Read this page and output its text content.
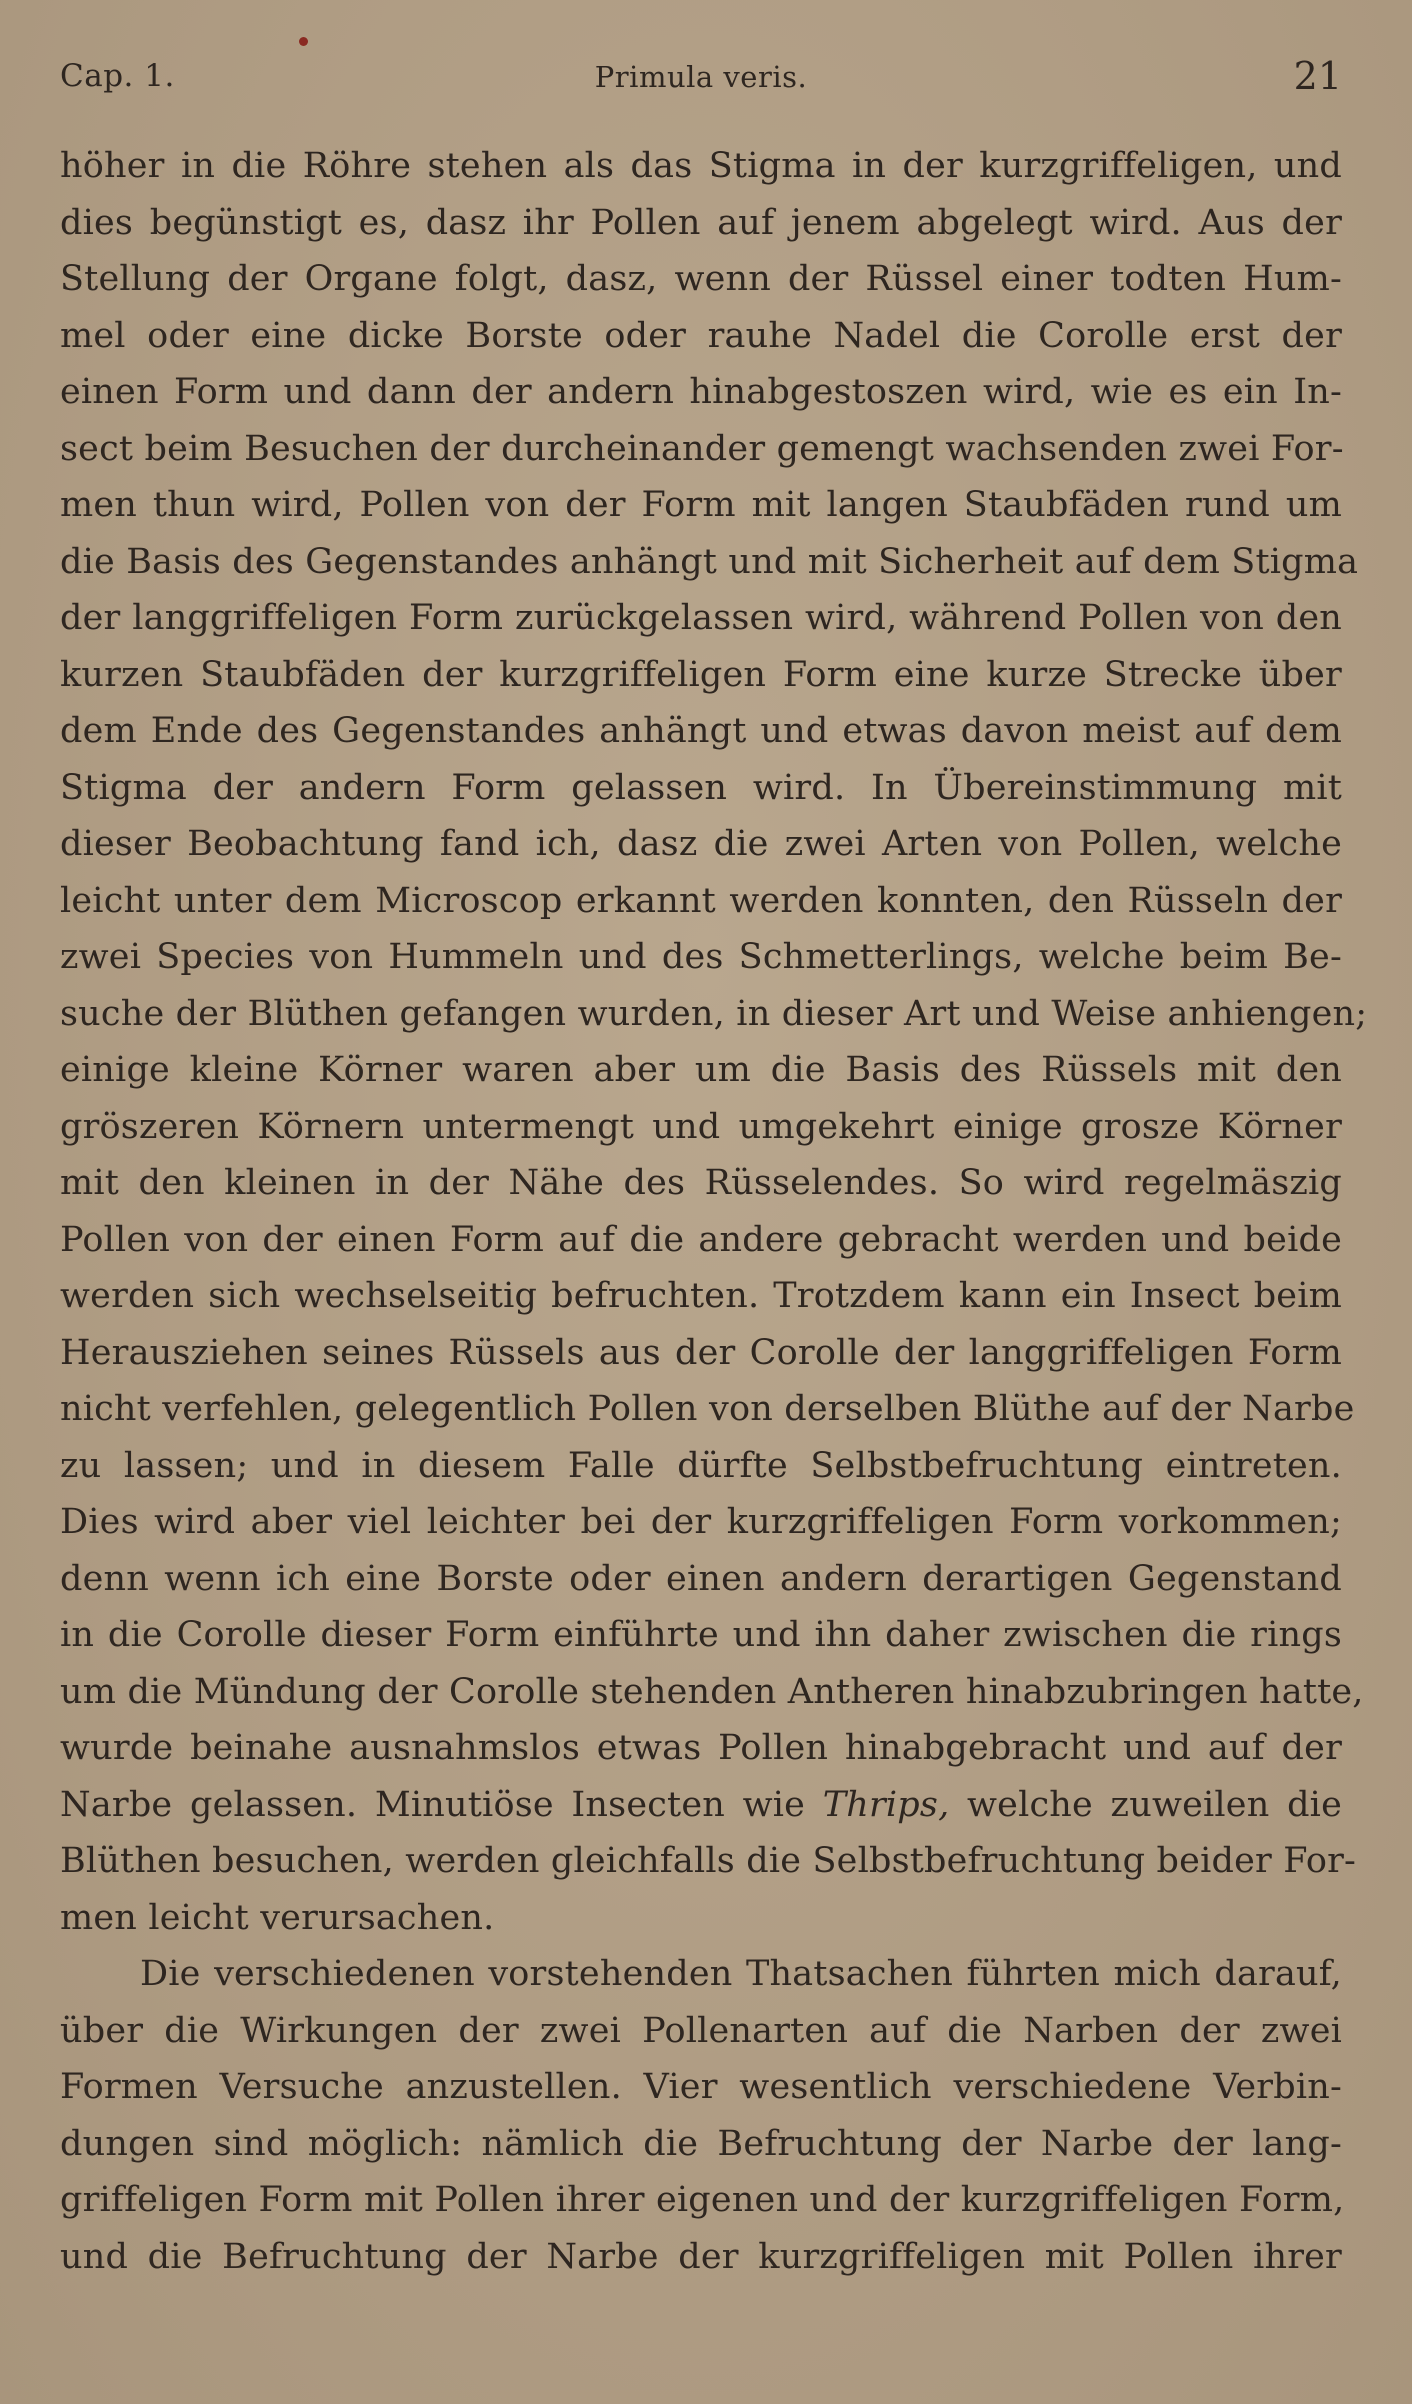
Cap. 1.	Primula veris.	21
höher in die Röhre stehen als das Stigma in der kurzgriffeligen, und
dies begünstigt es, dasz ihr Pollen auf jenem abgelegt wird. Aus der
Stellung der Organe folgt, dasz, wenn der Rüssel einer todten Hum-
mel oder eine dicke Borste oder rauhe Nadel die Corolle erst der
einen Form und dann der andern hinabgestoszen wird, wie es ein In-
sect beim Besuchen der durcheinander gemengt wachsenden zwei For-
men thun wird, Pollen von der Form mit langen Staubfäden rund um
die Basis des Gegenstandes anhängt und mit Sicherheit auf dem Stigma
der langgriffeligen Form zurückgelassen wird, während Pollen von den
kurzen Staubfäden der kurzgriffeligen Form eine kurze Strecke über
dem Ende des Gegenstandes anhängt und etwas davon meist auf dem
Stigma der andern Form gelassen wird. In Übereinstimmung mit
dieser Beobachtung fand ich, dasz die zwei Arten von Pollen, welche
leicht unter dem Microscop erkannt werden konnten, den Rüsseln der
zwei Species von Hummeln und des Schmetterlings, welche beim Be-
suche der Blüthen gefangen wurden, in dieser Art und Weise anhiengen;
einige kleine Körner waren aber um die Basis des Rüssels mit den
gröszeren Körnern untermengt und umgekehrt einige grosze Körner
mit den kleinen in der Nähe des Rüsselendes. So wird regelmäszig
Pollen von der einen Form auf die andere gebracht werden und beide
werden sich wechselseitig befruchten. Trotzdem kann ein Insect beim
Herausziehen seines Rüssels aus der Corolle der langgriffeligen Form
nicht verfehlen, gelegentlich Pollen von derselben Blüthe auf der Narbe
zu lassen; und in diesem Falle dürfte Selbstbefruchtung eintreten.
Dies wird aber viel leichter bei der kurzgriffeligen Form vorkommen;
denn wenn ich eine Borste oder einen andern derartigen Gegenstand
in die Corolle dieser Form einführte und ihn daher zwischen die rings
um die Mündung der Corolle stehenden Antheren hinabzubringen hatte,
wurde beinahe ausnahmslos etwas Pollen hinabgebracht und auf der
Narbe gelassen. Minutiöse Insecten wie Thrips, welche zuweilen die
Blüthen besuchen, werden gleichfalls die Selbstbefruchtung beider For-
men leicht verursachen.
Die verschiedenen vorstehenden Thatsachen führten mich darauf,
über die Wirkungen der zwei Pollenarten auf die Narben der zwei
Formen Versuche anzustellen. Vier wesentlich verschiedene Verbin-
dungen sind möglich: nämlich die Befruchtung der Narbe der lang-
griffeligen Form mit Pollen ihrer eigenen und der kurzgriffeligen Form,
und die Befruchtung der Narbe der kurzgriffeligen mit Pollen ihrer
